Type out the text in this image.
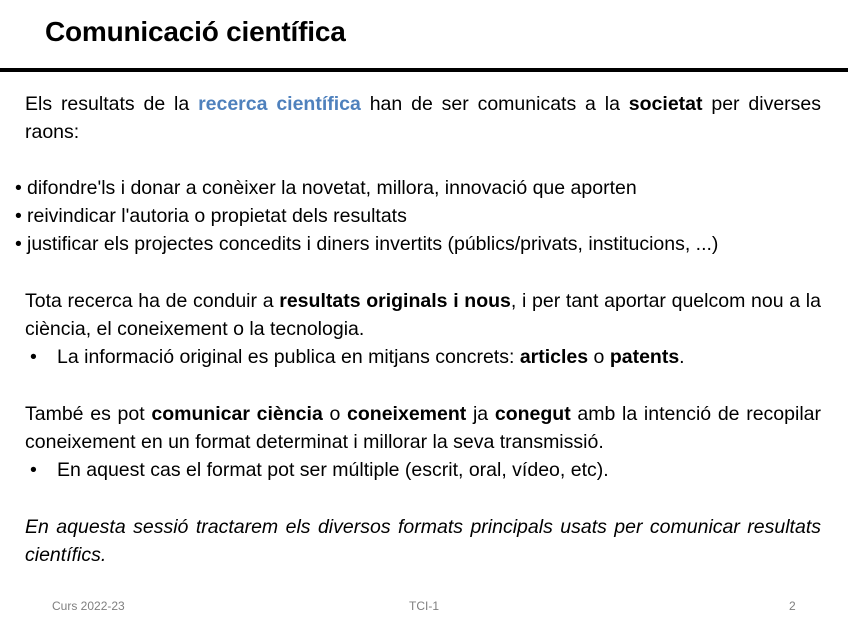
Comunicació científica
Els resultats de la recerca científica han de ser comunicats a la societat per diverses raons:
• difondre'ls i donar a conèixer la novetat, millora, innovació que aporten
• reivindicar l'autoria o propietat dels resultats
• justificar els projectes concedits i diners invertits (públics/privats, institucions, ...)
Tota recerca ha de conduir a resultats originals i nous, i per tant aportar quelcom nou a la ciència, el coneixement o la tecnologia.
• La informació original es publica en mitjans concrets: articles o patents.
També es pot comunicar ciència o coneixement ja conegut amb la intenció de recopilar coneixement en un format determinat i millorar la seva transmissió.
• En aquest cas el format pot ser múltiple (escrit, oral, vídeo, etc).
En aquesta sessió tractarem els diversos formats principals usats per comunicar resultats científics.
Curs 2022-23	TCI-1	2
